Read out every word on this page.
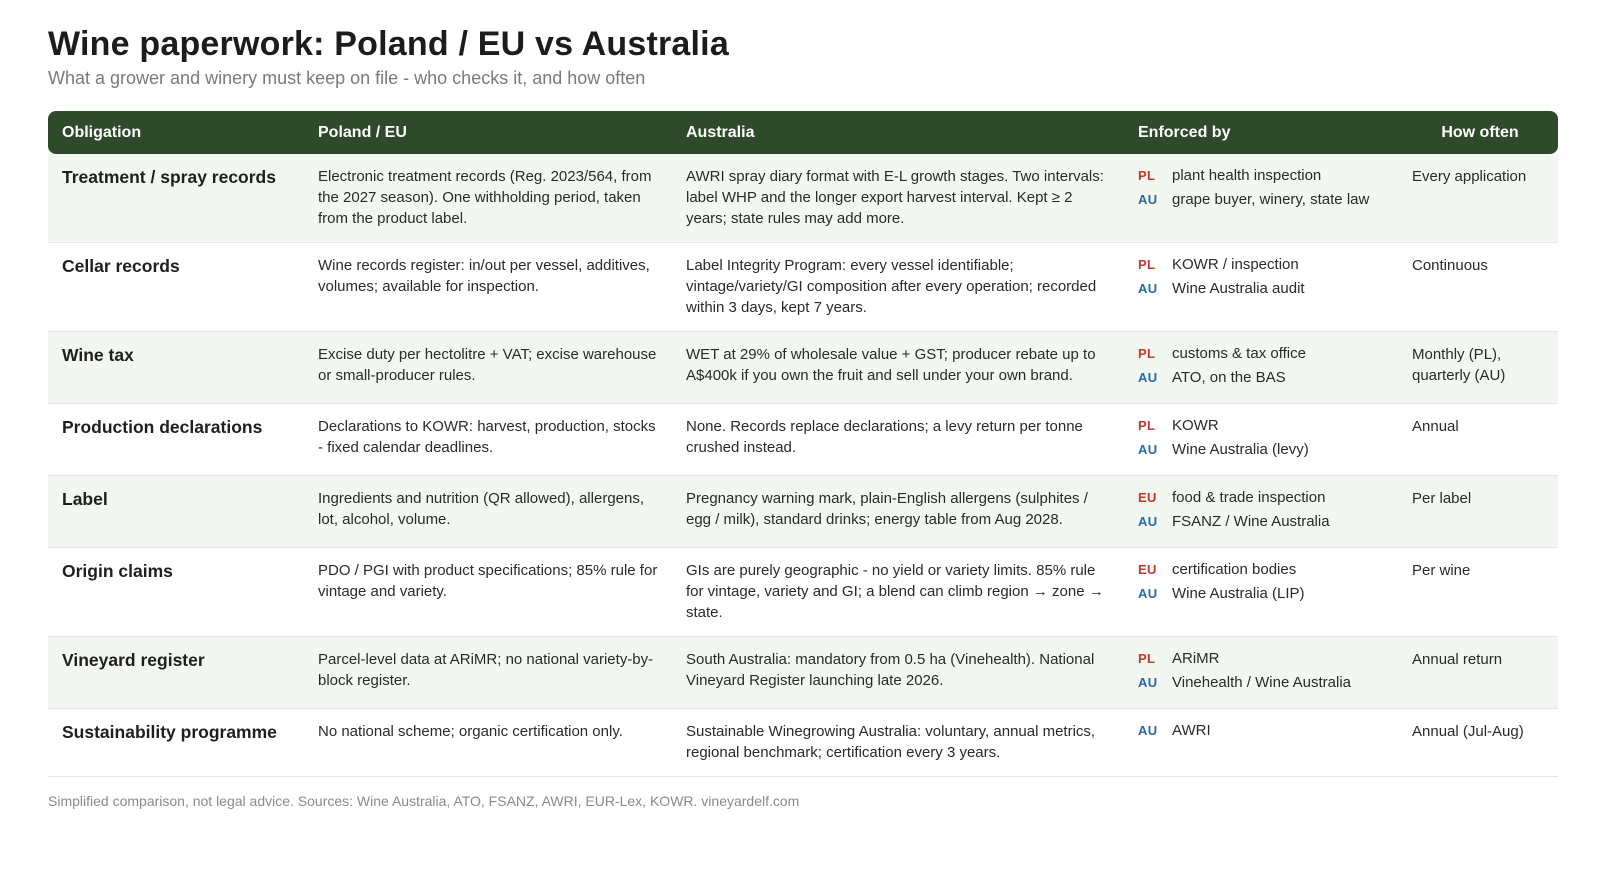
Wine paperwork: Poland / EU vs Australia
What a grower and winery must keep on file - who checks it, and how often
Obligation	Poland / EU	Australia	Enforced by	How often
Treatment / spray records	Electronic treatment records (Reg. 2023/564, from the 2027 season). One withholding period, taken from the product label.	AWRI spray diary format with E-L growth stages. Two intervals: label WHP and the longer export harvest interval. Kept ≥ 2 years; state rules may add more.	PL plant health inspection
AU grape buyer, winery, state law	Every application
Cellar records	Wine records register: in/out per vessel, additives, volumes; available for inspection.	Label Integrity Program: every vessel identifiable; vintage/variety/GI composition after every operation; recorded within 3 days, kept 7 years.	PL KOWR / inspection
AU Wine Australia audit	Continuous
Wine tax	Excise duty per hectolitre + VAT; excise warehouse or small-producer rules.	WET at 29% of wholesale value + GST; producer rebate up to A$400k if you own the fruit and sell under your own brand.	PL customs & tax office
AU ATO, on the BAS	Monthly (PL), quarterly (AU)
Production declarations	Declarations to KOWR: harvest, production, stocks - fixed calendar deadlines.	None. Records replace declarations; a levy return per tonne crushed instead.	PL KOWR
AU Wine Australia (levy)	Annual
Label	Ingredients and nutrition (QR allowed), allergens, lot, alcohol, volume.	Pregnancy warning mark, plain-English allergens (sulphites / egg / milk), standard drinks; energy table from Aug 2028.	EU food & trade inspection
AU FSANZ / Wine Australia	Per label
Origin claims	PDO / PGI with product specifications; 85% rule for vintage and variety.	GIs are purely geographic - no yield or variety limits. 85% rule for vintage, variety and GI; a blend can climb region → zone → state.	EU certification bodies
AU Wine Australia (LIP)	Per wine
Vineyard register	Parcel-level data at ARiMR; no national variety-by-block register.	South Australia: mandatory from 0.5 ha (Vinehealth). National Vineyard Register launching late 2026.	PL ARiMR
AU Vinehealth / Wine Australia	Annual return
Sustainability programme	No national scheme; organic certification only.	Sustainable Winegrowing Australia: voluntary, annual metrics, regional benchmark; certification every 3 years.	AU AWRI	Annual (Jul-Aug)
Simplified comparison, not legal advice. Sources: Wine Australia, ATO, FSANZ, AWRI, EUR-Lex, KOWR. vineyardelf.com
